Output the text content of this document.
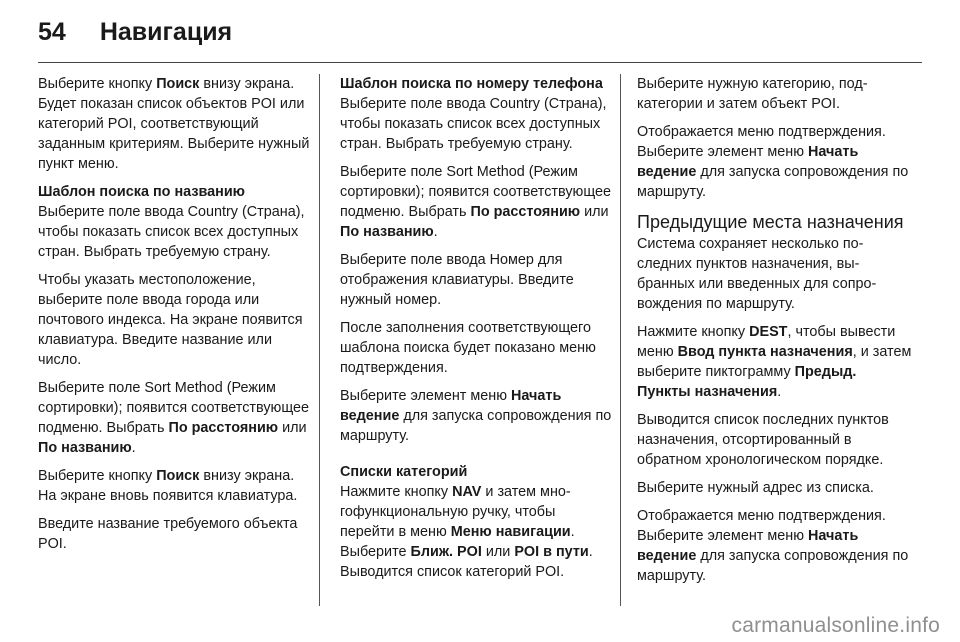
54 Навигация

Выберите кнопку Поиск внизу экрана. Будет показан список объектов POI или категорий POI, соответствующий заданным критериям. Выберите нужный пункт меню.

Шаблон поиска по названию

Выберите поле ввода Country (Страна), чтобы показать список всех доступных стран. Выбрать требуемую страну.

Чтобы указать местоположение, выберите поле ввода города или почтового индекса. На экране появится клавиатура. Введите название или число.

Выберите поле Sort Method (Режим сортировки); появится соответствующее подменю. Выбрать По расстоянию или По названию.

Выберите кнопку Поиск внизу экрана. На экране вновь появится клавиатура.

Введите название требуемого объекта POI.

Шаблон поиска по номеру телефона

Выберите поле ввода Country (Страна), чтобы показать список всех доступных стран. Выбрать требуемую страну.

Выберите поле Sort Method (Режим сортировки); появится соответствующее подменю. Выбрать По расстоянию или По названию.

Выберите поле ввода Номер для отображения клавиатуры. Введите нужный номер.

После заполнения соответствующего шаблона поиска будет показано меню подтверждения.

Выберите элемент меню Начать ведение для запуска сопровождения по маршруту.

Списки категорий

Нажмите кнопку NAV и затем многофункциональную ручку, чтобы перейти в меню Меню навигации. Выберите Ближ. POI или POI в пути. Выводится список категорий POI.

Выберите нужную категорию, подкатегории и затем объект POI.

Отображается меню подтверждения. Выберите элемент меню Начать ведение для запуска сопровождения по маршруту.

Предыдущие места назначения

Система сохраняет несколько последних пунктов назначения, выбранных или введенных для сопровождения по маршруту.

Нажмите кнопку DEST, чтобы вывести меню Ввод пункта назначения, и затем выберите пиктограмму Предыд. Пункты назначения.

Выводится список последних пунктов назначения, отсортированный в обратном хронологическом порядке.

Выберите нужный адрес из списка.

Отображается меню подтверждения. Выберите элемент меню Начать ведение для запуска сопровождения по маршруту.

carmanualsonline.info
